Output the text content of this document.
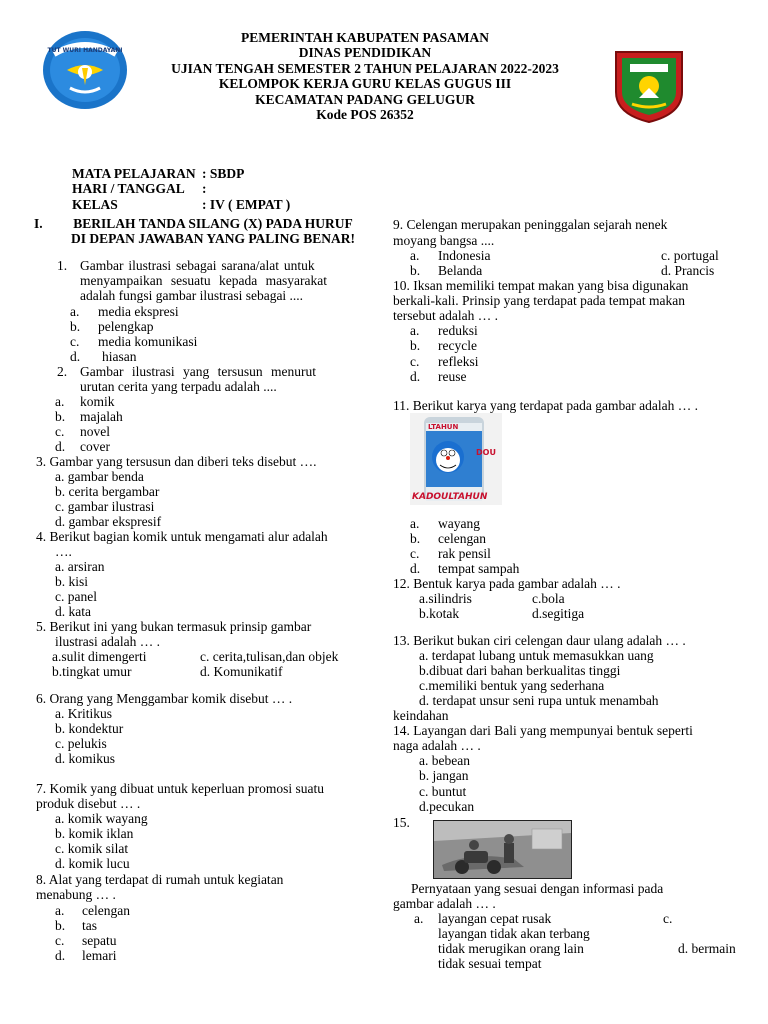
TUT WURI HANDAYANI
PEMERINTAH KABUPATEN PASAMAN
DINAS PENDIDIKAN
UJIAN TENGAH SEMESTER 2 TAHUN PELAJARAN 2022-2023
KELOMPOK KERJA GURU KELAS GUGUS III
KECAMATAN PADANG GELUGUR
Kode POS 26352
MATA PELAJARAN : SBDP
HARI / TANGGAL	:
KELAS	: IV ( EMPAT )
I.	BERILAH TANDA SILANG (X) PADA HURUF
DI DEPAN JAWABAN YANG PALING BENAR!
1. Gambar ilustrasi sebagai sarana/alat untuk
menyampaikan sesuatu kepada masyarakat
adalah fungsi gambar ilustrasi sebagai ....
a. media ekspresi
b. pelengkap
c. media komunikasi
d. hiasan
2. Gambar ilustrasi yang tersusun menurut
urutan cerita yang terpadu adalah ....
a. komik
b. majalah
c. novel
d. cover
3. Gambar yang tersusun dan diberi teks disebut ….
a. gambar benda
b. cerita bergambar
c. gambar ilustrasi
d. gambar ekspresif
4. Berikut bagian komik untuk mengamati alur adalah
….
a. arsiran
b. kisi
c. panel
d. kata
5. Berikut ini yang bukan termasuk prinsip gambar
ilustrasi adalah … .
a.sulit dimengerti	c. cerita,tulisan,dan objek
b.tingkat umur	d. Komunikatif
6. Orang yang Menggambar komik disebut … .
a. Kritikus
b. kondektur
c. pelukis
d. komikus
7. Komik yang dibuat untuk keperluan promosi suatu
produk disebut … .
a. komik wayang
b. komik iklan
c. komik silat
d. komik lucu
8. Alat yang terdapat di rumah untuk kegiatan
menabung … .
a. celengan
b. tas
c. sepatu
d. lemari
9. Celengan merupakan peninggalan sejarah nenek
moyang bangsa ....
a. Indonesia	c. portugal
b. Belanda	d. Prancis
10. Iksan memiliki tempat makan yang bisa digunakan
berkali-kali. Prinsip yang terdapat pada tempat makan
tersebut adalah … .
a. reduksi
b. recycle
c. refleksi
d. reuse
11. Berikut karya yang terdapat pada gambar adalah … .
LTAHUN
DOU
KADOULTAHUN
a. wayang
b. celengan
c. rak pensil
d. tempat sampah
12. Bentuk karya pada gambar adalah … .
a.silindris	c.bola
b.kotak	d.segitiga
13. Berikut bukan ciri celengan daur ulang adalah … .
a. terdapat lubang untuk memasukkan uang
b.dibuat dari bahan berkualitas tinggi
c.memiliki bentuk yang sederhana
d. terdapat unsur seni rupa untuk menambah
keindahan
14. Layangan dari Bali yang mempunyai bentuk seperti
naga adalah … .
a. bebean
b. jangan
c. buntut
d.pecukan
15.
Pernyataan yang sesuai dengan informasi pada
gambar adalah … .
a. layangan cepat rusak	c.
layangan tidak akan terbang
tidak merugikan orang lain	d. bermain
tidak sesuai tempat
